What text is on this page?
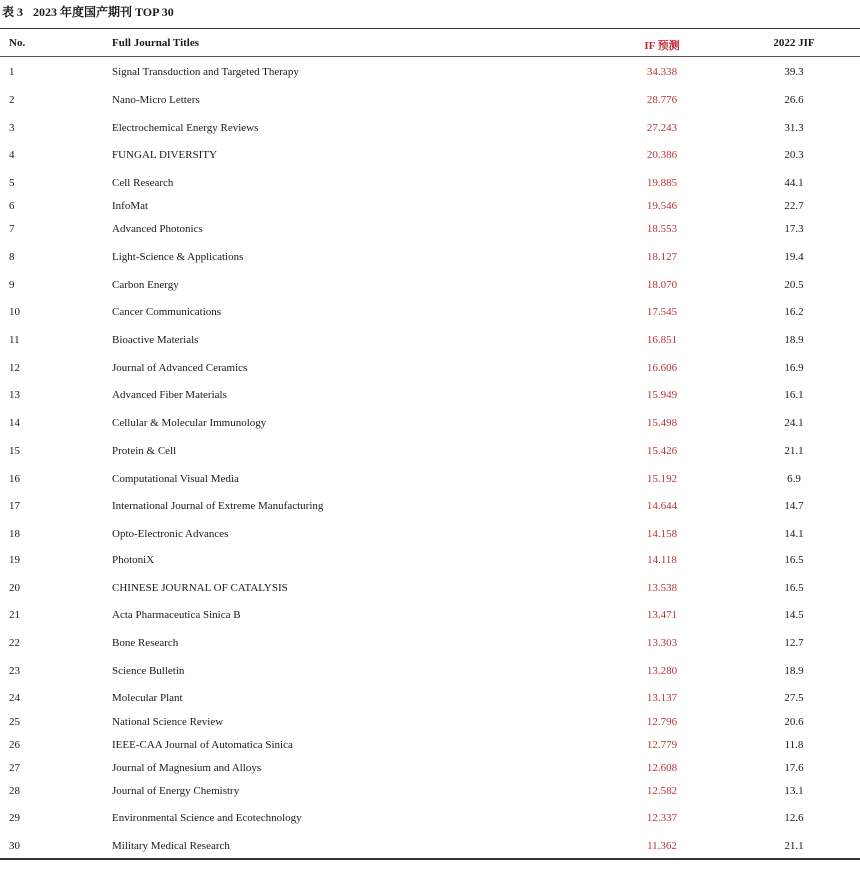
表 3 2023 年度国产期刊 TOP 30
No.	Full Journal Titles	IF 预测	2022 JIF
1	Signal Transduction and Targeted Therapy	34.338	39.3
2	Nano-Micro Letters	28.776	26.6
3	Electrochemical Energy Reviews	27.243	31.3
4	FUNGAL DIVERSITY	20.386	20.3
5	Cell Research	19.885	44.1
6	InfoMat	19.546	22.7
7	Advanced Photonics	18.553	17.3
8	Light-Science & Applications	18.127	19.4
9	Carbon Energy	18.070	20.5
10	Cancer Communications	17.545	16.2
11	Bioactive Materials	16.851	18.9
12	Journal of Advanced Ceramics	16.606	16.9
13	Advanced Fiber Materials	15.949	16.1
14	Cellular & Molecular Immunology	15.498	24.1
15	Protein & Cell	15.426	21.1
16	Computational Visual Media	15.192	6.9
17	International Journal of Extreme Manufacturing	14.644	14.7
18	Opto-Electronic Advances	14.158	14.1
19	PhotoniX	14.118	16.5
20	CHINESE JOURNAL OF CATALYSIS	13.538	16.5
21	Acta Pharmaceutica Sinica B	13.471	14.5
22	Bone Research	13.303	12.7
23	Science Bulletin	13.280	18.9
24	Molecular Plant	13.137	27.5
25	National Science Review	12.796	20.6
26	IEEE-CAA Journal of Automatica Sinica	12.779	11.8
27	Journal of Magnesium and Alloys	12.608	17.6
28	Journal of Energy Chemistry	12.582	13.1
29	Environmental Science and Ecotechnology	12.337	12.6
30	Military Medical Research	11.362	21.1
